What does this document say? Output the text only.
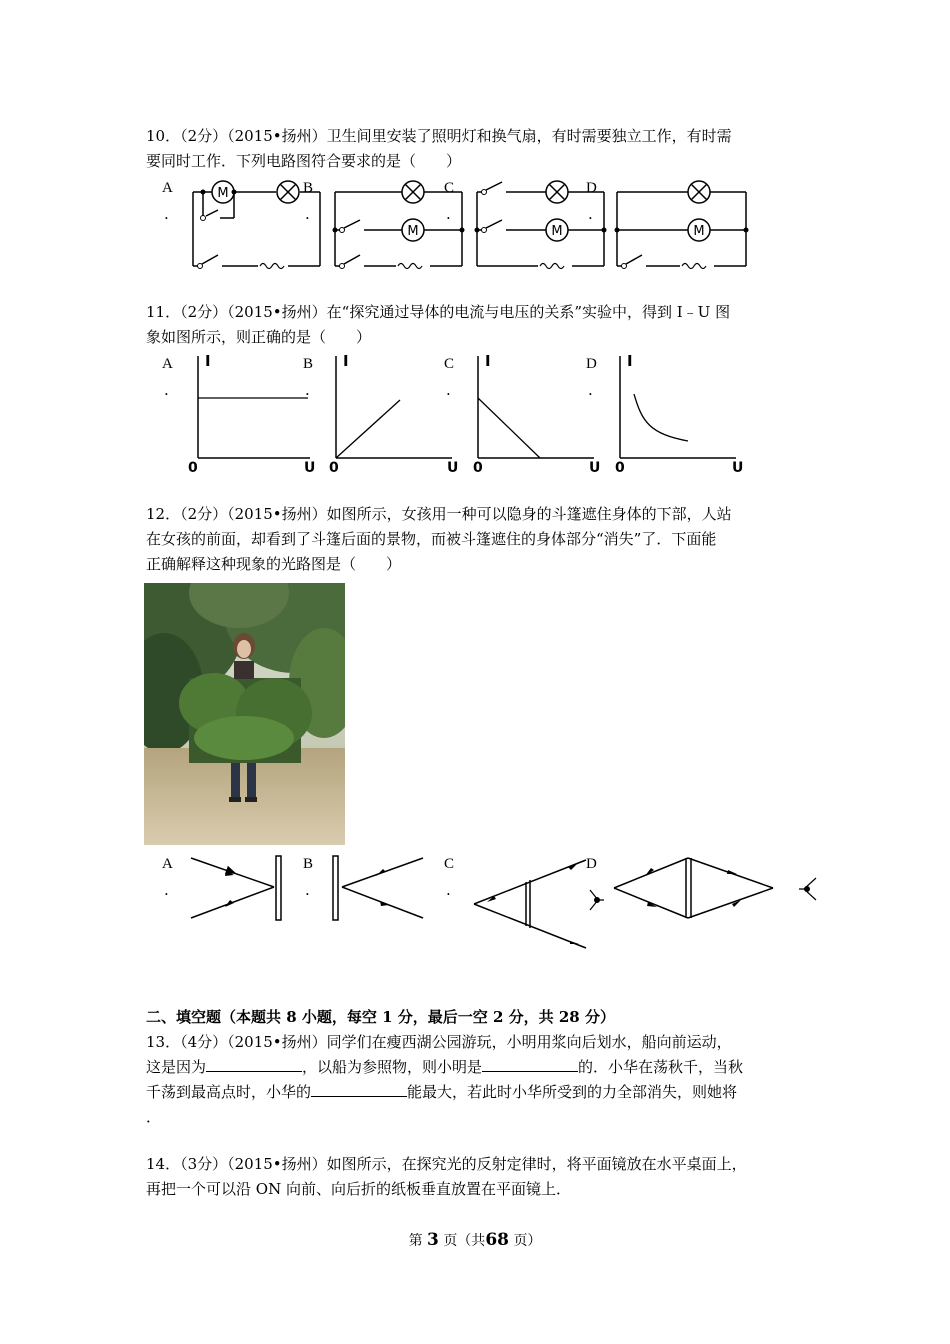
10．（2分）（2015•扬州）卫生间里安装了照明灯和换气扇，有时需要独立工作，有时需
要同时工作．下列电路图符合要求的是（　　）
A
.
B
.
C
.
D
.
M
M	M	M
11．（2分）（2015•扬州）在“探究通过导体的电流与电压的关系”实验中，得到 I﹣U 图
象如图所示，则正确的是（　　）
A
.
B
.
C
.
D
.
I
0	U
I
0	U
I
0	U
I
0	U
12．（2分）（2015•扬州）如图所示，女孩用一种可以隐身的斗篷遮住身体的下部，人站
在女孩的前面，却看到了斗篷后面的景物，而被斗篷遮住的身体部分“消失”了．下面能
正确解释这种现象的光路图是（　　）
A
.
B
.
C
.
D
二、填空题（本题共 8 小题，每空 1 分，最后一空 2 分，共 28 分）
13．（4分）（2015•扬州）同学们在瘦西湖公园游玩，小明用浆向后划水，船向前运动，
这是因为	，以船为参照物，则小明是	的．小华在荡秋千，当秋
千荡到最高点时，小华的	能最大，若此时小华所受到的力全部消失，则她将
．
14．（3分）（2015•扬州）如图所示，在探究光的反射定律时，将平面镜放在水平桌面上，
再把一个可以沿 ON 向前、向后折的纸板垂直放置在平面镜上．
第 3 页（共68 页）
